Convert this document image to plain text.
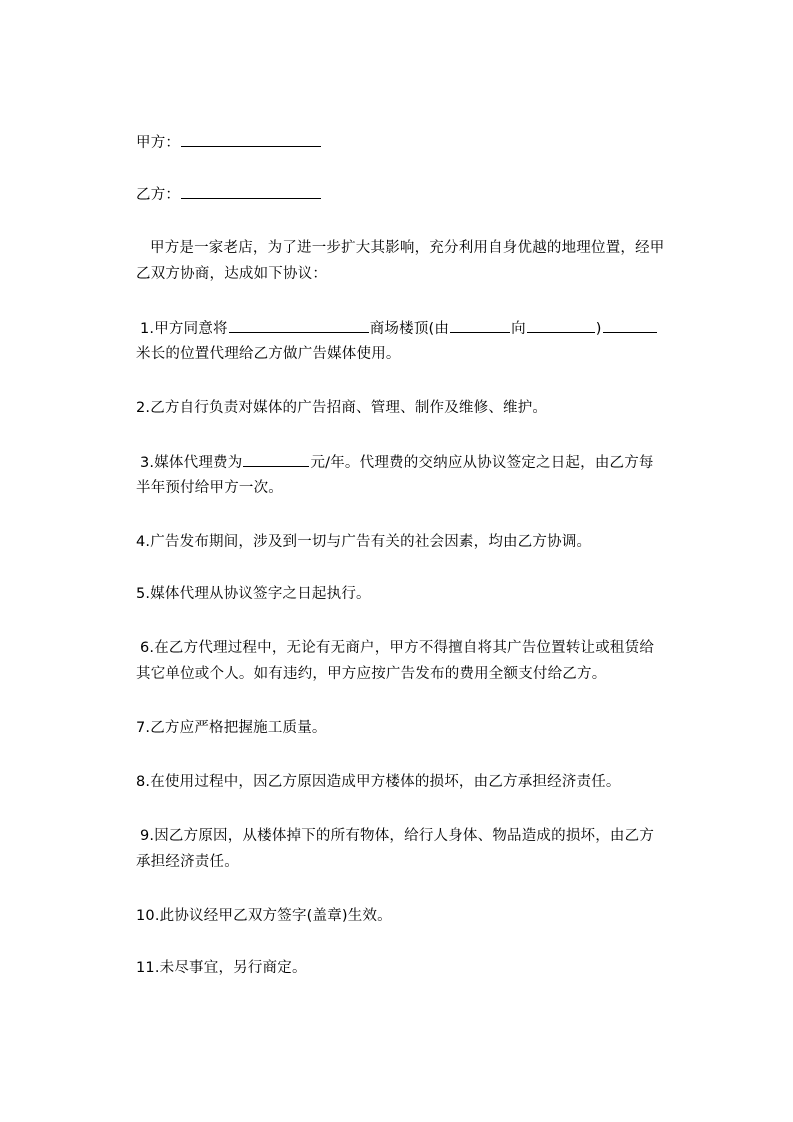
甲方：
乙方：
甲方是一家老店，为了进一步扩大其影响，充分利用自身优越的地理位置，经甲
乙双方协商，达成如下协议：
1.甲方同意将	商场楼顶(由	向	)
米长的位置代理给乙方做广告媒体使用。
2.乙方自行负责对媒体的广告招商、管理、制作及维修、维护。
3.媒体代理费为	元/年。代理费的交纳应从协议签定之日起，由乙方每
半年预付给甲方一次。
4.广告发布期间，涉及到一切与广告有关的社会因素，均由乙方协调。
5.媒体代理从协议签字之日起执行。
6.在乙方代理过程中，无论有无商户，甲方不得擅自将其广告位置转让或租赁给
其它单位或个人。如有违约，甲方应按广告发布的费用全额支付给乙方。
7.乙方应严格把握施工质量。
8.在使用过程中，因乙方原因造成甲方楼体的损坏，由乙方承担经济责任。
9.因乙方原因，从楼体掉下的所有物体，给行人身体、物品造成的损坏，由乙方
承担经济责任。
10.此协议经甲乙双方签字(盖章)生效。
11.未尽事宜，另行商定。
